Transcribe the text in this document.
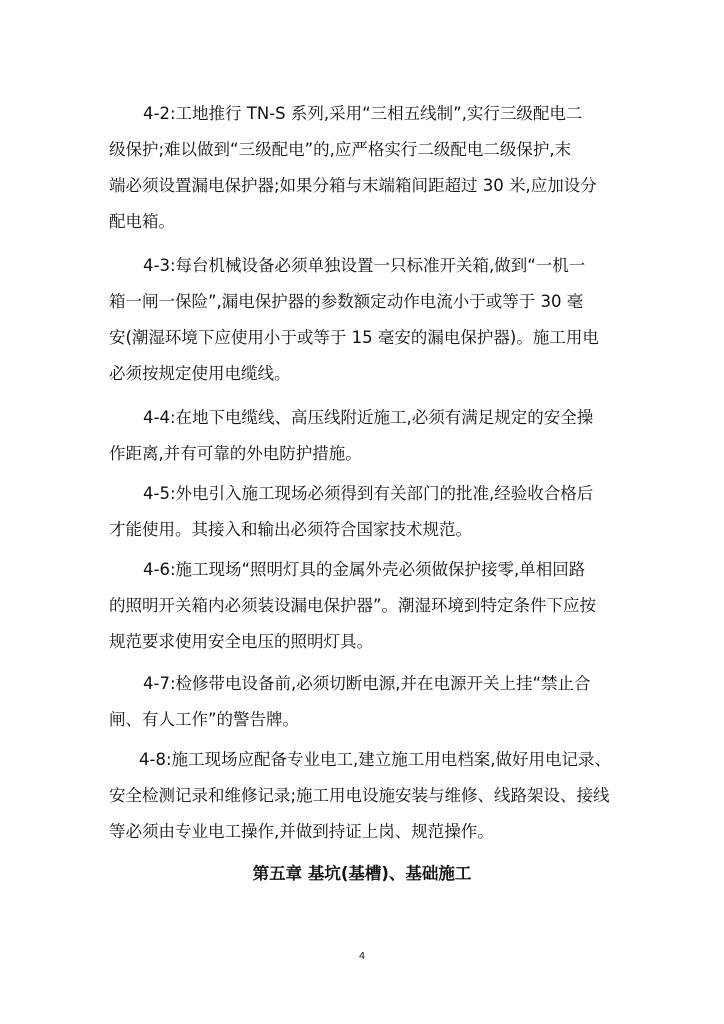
4-2:工地推行 TN-S 系列,采用“三相五线制”,实行三级配电二
级保护;难以做到“三级配电”的,应严格实行二级配电二级保护,末
端必须设置漏电保护器;如果分箱与末端箱间距超过 30 米,应加设分
配电箱。
4-3:每台机械设备必须单独设置一只标准开关箱,做到“一机一
箱一闸一保险”,漏电保护器的参数额定动作电流小于或等于 30 毫
安(潮湿环境下应使用小于或等于 15 毫安的漏电保护器)。施工用电
必须按规定使用电缆线。
4-4:在地下电缆线、高压线附近施工,必须有满足规定的安全操
作距离,并有可靠的外电防护措施。
4-5:外电引入施工现场必须得到有关部门的批准,经验收合格后
才能使用。其接入和输出必须符合国家技术规范。
4-6:施工现场“照明灯具的金属外壳必须做保护接零,单相回路
的照明开关箱内必须装设漏电保护器”。潮湿环境到特定条件下应按
规范要求使用安全电压的照明灯具。
4-7:检修带电设备前,必须切断电源,并在电源开关上挂“禁止合
闸、有人工作”的警告牌。
4-8:施工现场应配备专业电工,建立施工用电档案,做好用电记录、
安全检测记录和维修记录;施工用电设施安装与维修、线路架设、接线
等必须由专业电工操作,并做到持证上岗、规范操作。
第五章 基坑(基槽)、基础施工
4
